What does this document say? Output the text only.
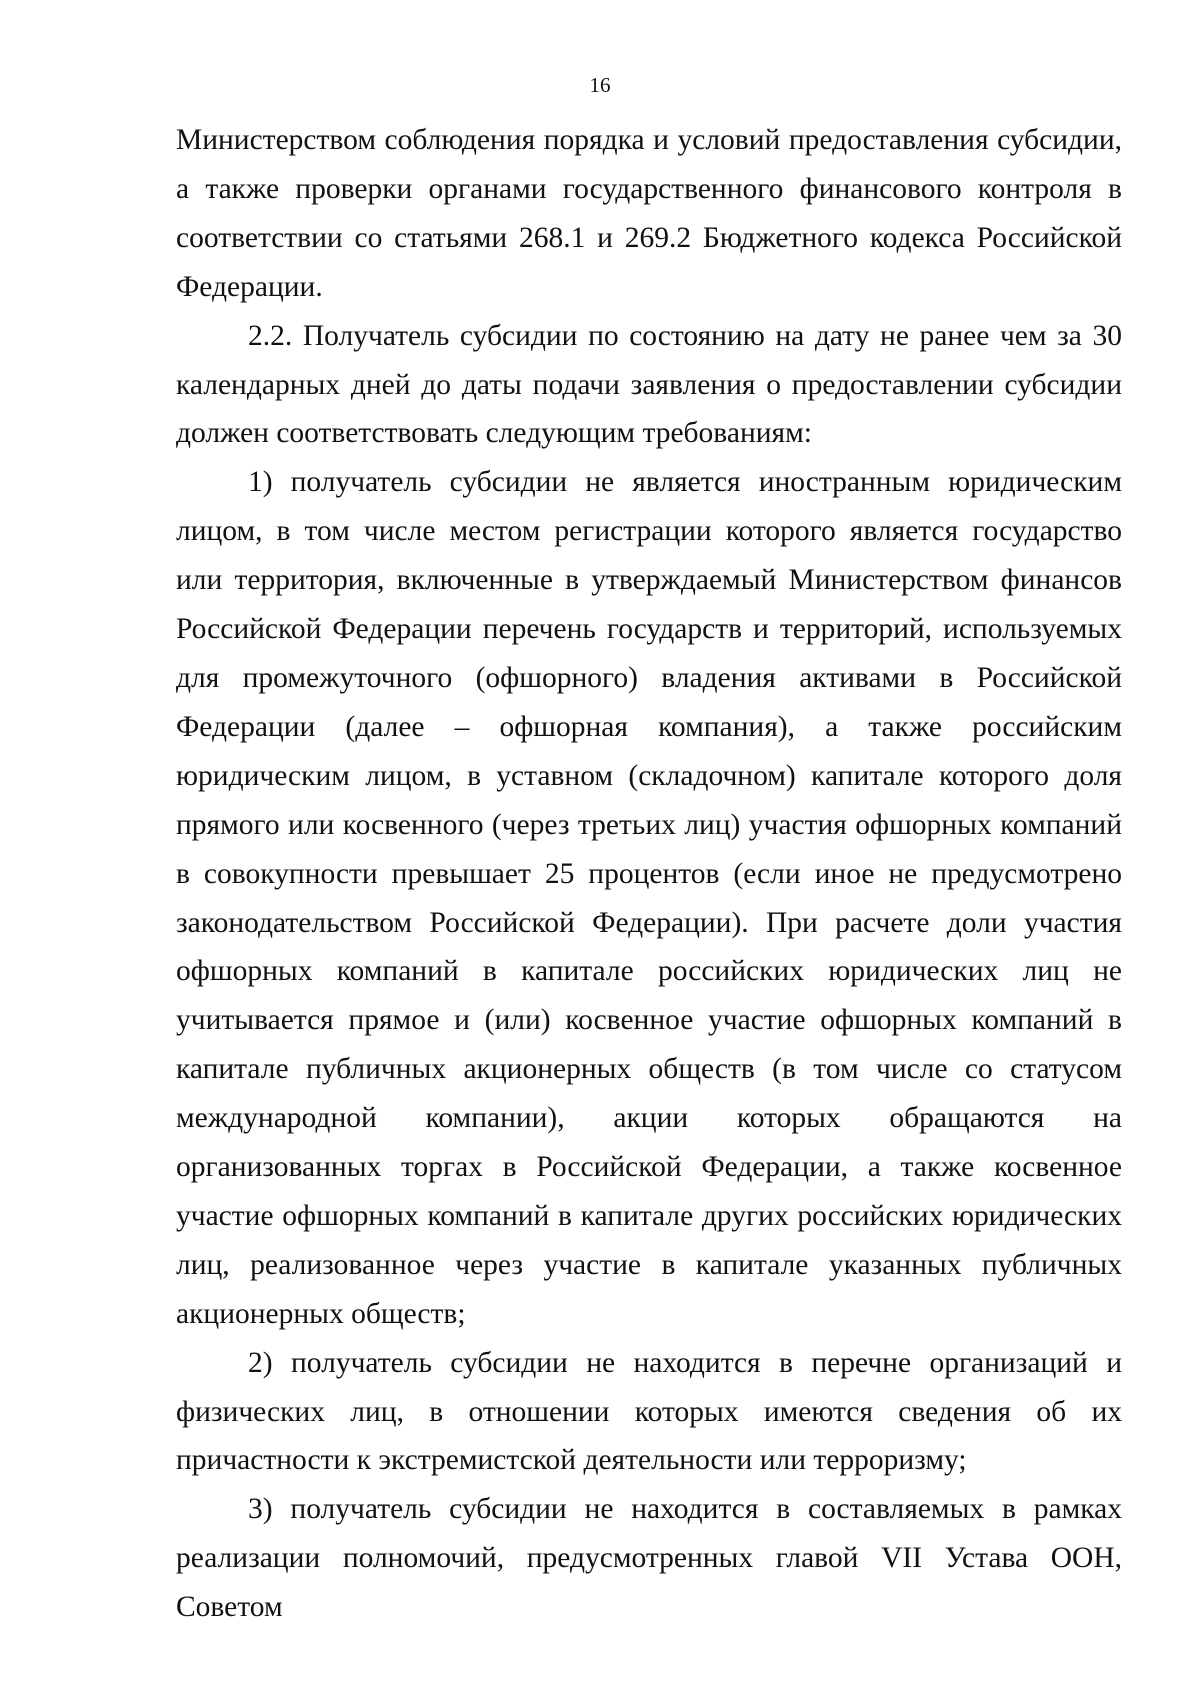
16

Министерством соблюдения порядка и условий предоставления субсидии, а также проверки органами государственного финансового контроля в соответствии со статьями 268.1 и 269.2 Бюджетного кодекса Российской Федерации.

2.2. Получатель субсидии по состоянию на дату не ранее чем за 30 календарных дней до даты подачи заявления о предоставлении субсидии должен соответствовать следующим требованиям:

1) получатель субсидии не является иностранным юридическим лицом, в том числе местом регистрации которого является государство или территория, включенные в утверждаемый Министерством финансов Российской Федерации перечень государств и территорий, используемых для промежуточного (офшорного) владения активами в Российской Федерации (далее – офшорная компания), а также российским юридическим лицом, в уставном (складочном) капитале которого доля прямого или косвенного (через третьих лиц) участия офшорных компаний в совокупности превышает 25 процентов (если иное не предусмотрено законодательством Российской Федерации). При расчете доли участия офшорных компаний в капитале российских юридических лиц не учитывается прямое и (или) косвенное участие офшорных компаний в капитале публичных акционерных обществ (в том числе со статусом международной компании), акции которых обращаются на организованных торгах в Российской Федерации, а также косвенное участие офшорных компаний в капитале других российских юридических лиц, реализованное через участие в капитале указанных публичных акционерных обществ;

2) получатель субсидии не находится в перечне организаций и физических лиц, в отношении которых имеются сведения об их причастности к экстремистской деятельности или терроризму;

3) получатель субсидии не находится в составляемых в рамках реализации полномочий, предусмотренных главой VII Устава ООН, Советом
